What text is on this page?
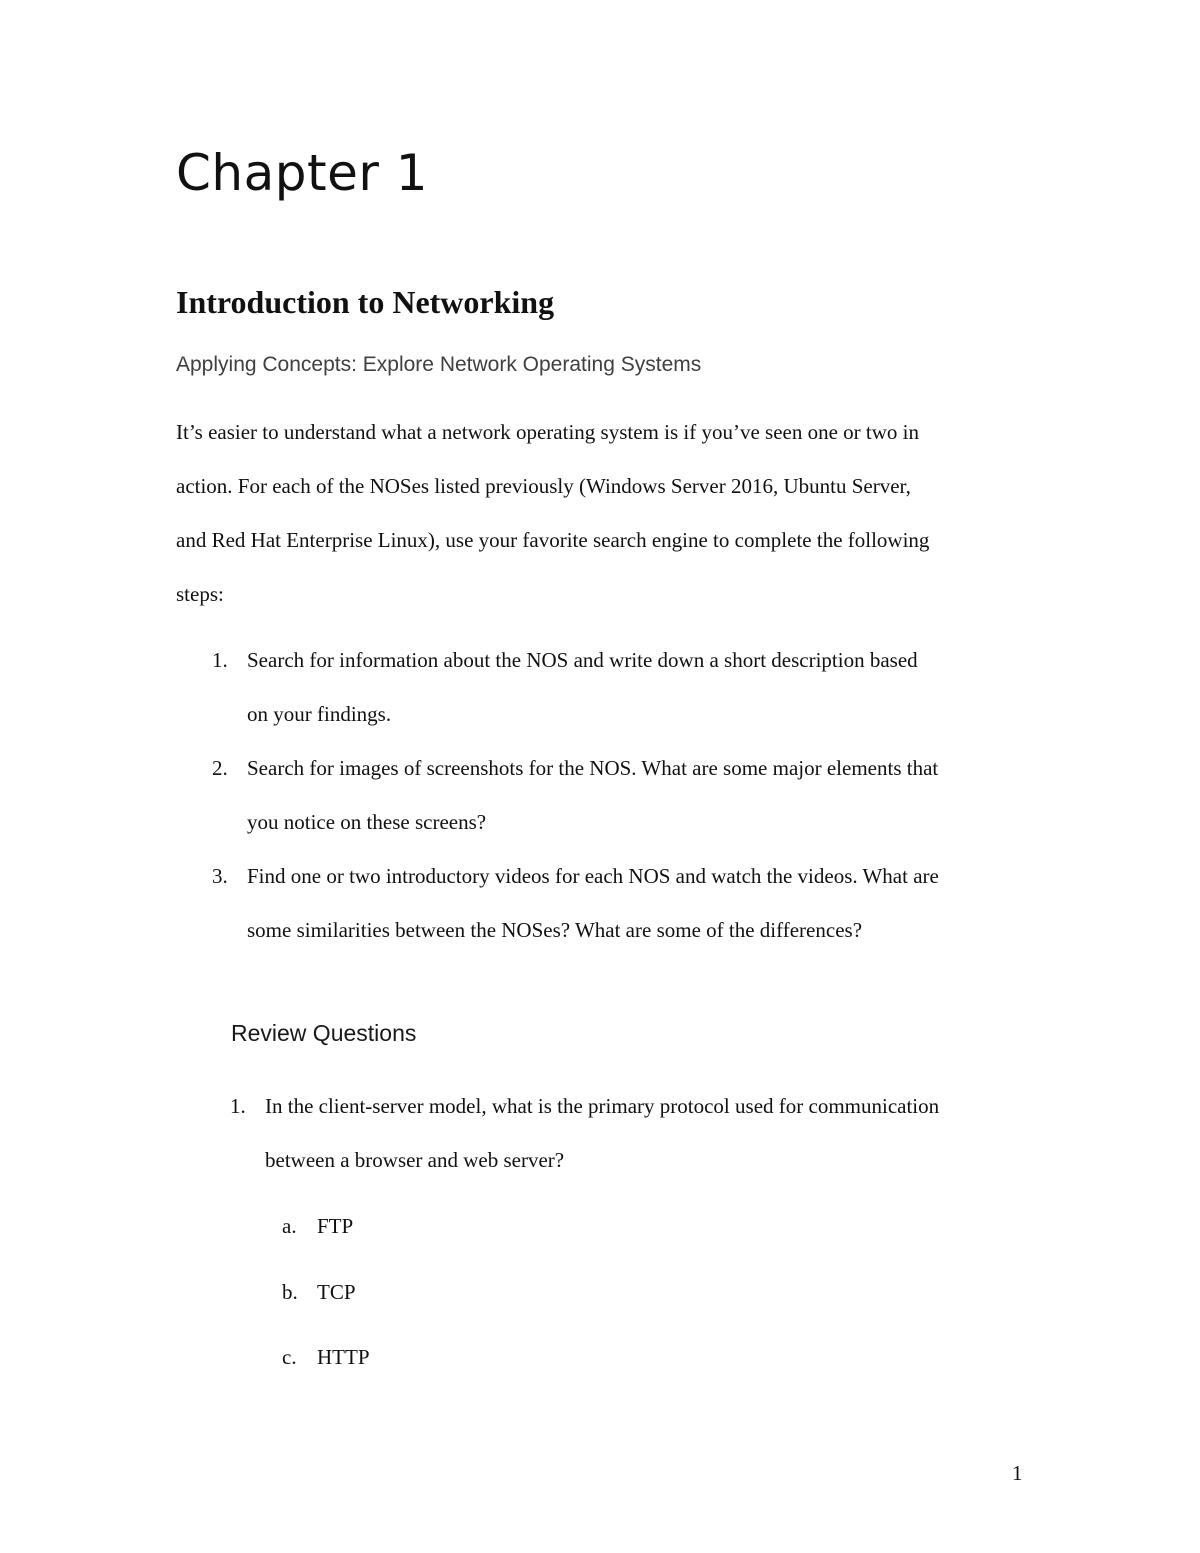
Chapter 1
Introduction to Networking
Applying Concepts: Explore Network Operating Systems
It’s easier to understand what a network operating system is if you’ve seen one or two in
action. For each of the NOSes listed previously (Windows Server 2016, Ubuntu Server,
and Red Hat Enterprise Linux), use your favorite search engine to complete the following
steps:
1. Search for information about the NOS and write down a short description based
on your findings.
2. Search for images of screenshots for the NOS. What are some major elements that
you notice on these screens?
3. Find one or two introductory videos for each NOS and watch the videos. What are
some similarities between the NOSes? What are some of the differences?
Review Questions
1. In the client-server model, what is the primary protocol used for communication
between a browser and web server?
a. FTP
b. TCP
c. HTTP
1
